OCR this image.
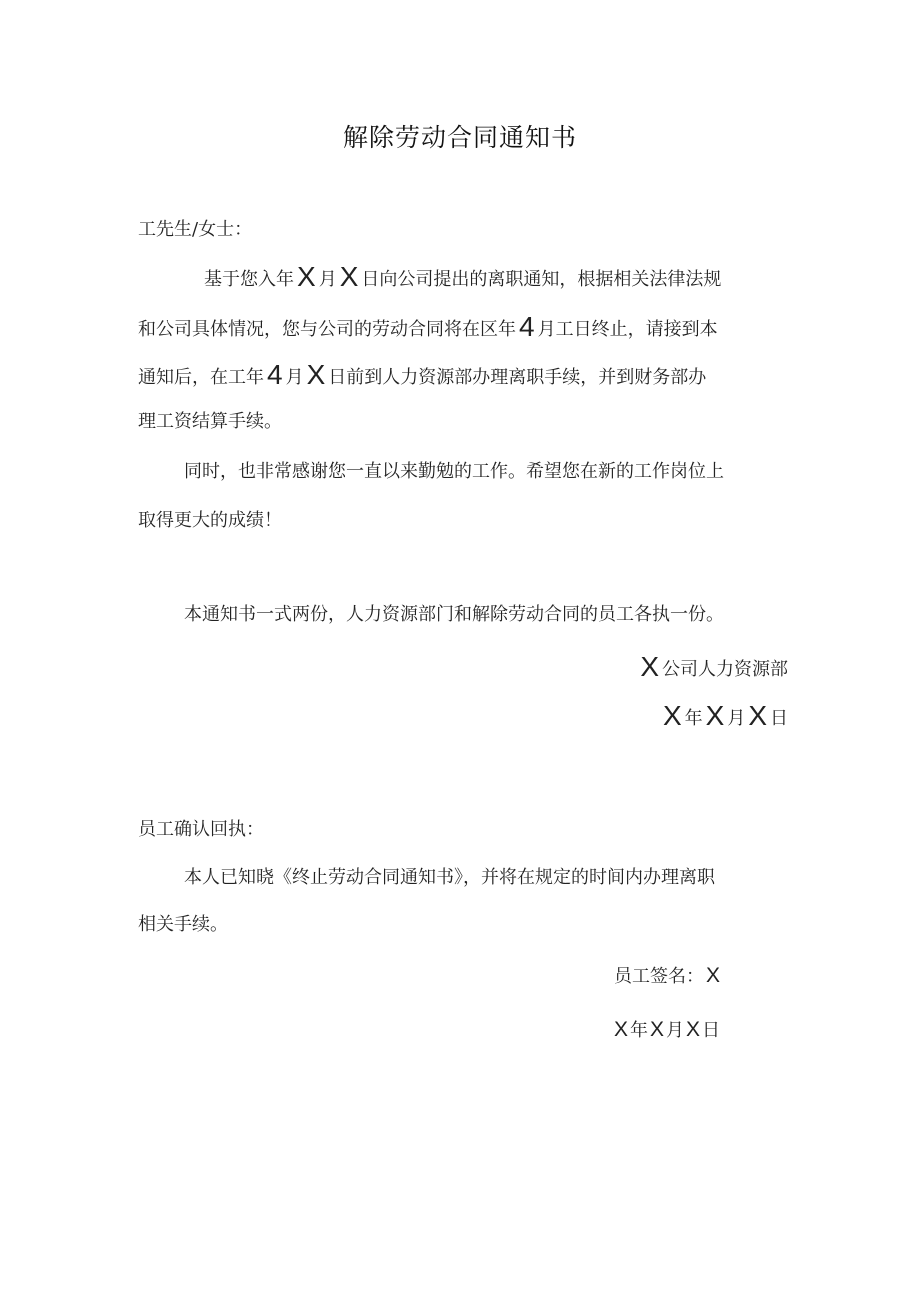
解除劳动合同通知书
工先生/女士：
基于您入年 X 月 X 日向公司提出的离职通知，根据相关法律法规
和公司具体情况，您与公司的劳动合同将在区年 4 月工日终止，请接到本
通知后，在工年 4 月 X 日前到人力资源部办理离职手续，并到财务部办
理工资结算手续。
同时，也非常感谢您一直以来勤勉的工作。希望您在新的工作岗位上
取得更大的成绩！
本通知书一式两份，人力资源部门和解除劳动合同的员工各执一份。
X公司人力资源部
X年 X 月 X 日
员工确认回执：
本人已知晓《终止劳动合同通知书》，并将在规定的时间内办理离职
相关手续。
员工签名：X
X 年X 月X 日
